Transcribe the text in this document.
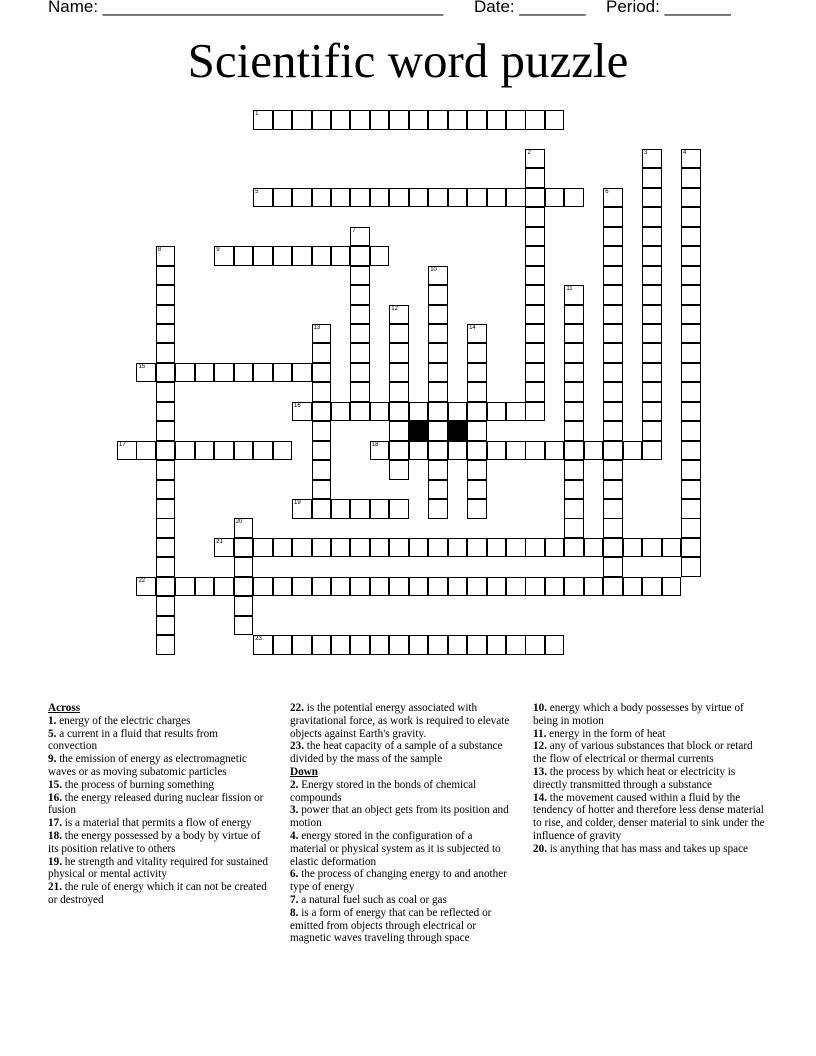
Name: ____________________________________ Date: _______ Period: _______
Scientific word puzzle
1
5
9
15
16
17	18
19
21
22
23
2	3	4
6
7
8
10
11
12
13	14
20

Across

1. energy of the electric charges

5. a current in a fluid that results from convection

9. the emission of energy as electromagnetic waves or as moving subatomic particles

15. the process of burning something

16. the energy released during nuclear fission or fusion

17. is a material that permits a flow of energy

18. the energy possessed by a body by virtue of its position relative to others

19. he strength and vitality required for sustained physical or mental activity

21. the rule of energy which it can not be created or destroyed

22. is the potential energy associated with gravitational force, as work is required to elevate objects against Earth's gravity.

23. the heat capacity of a sample of a substance divided by the mass of the sample

Down

2. Energy stored in the bonds of chemical compounds

3. power that an object gets from its position and motion

4. energy stored in the configuration of a material or physical system as it is subjected to elastic deformation

6. the process of changing energy to and another type of energy

7. a natural fuel such as coal or gas

8. is a form of energy that can be reflected or emitted from objects through electrical or magnetic waves traveling through space

10. energy which a body possesses by virtue of being in motion

11. energy in the form of heat

12. any of various substances that block or retard the flow of electrical or thermal currents

13. the process by which heat or electricity is directly transmitted through a substance

14. the movement caused within a fluid by the tendency of hotter and therefore less dense material to rise, and colder, denser material to sink under the influence of gravity

20. is anything that has mass and takes up space
